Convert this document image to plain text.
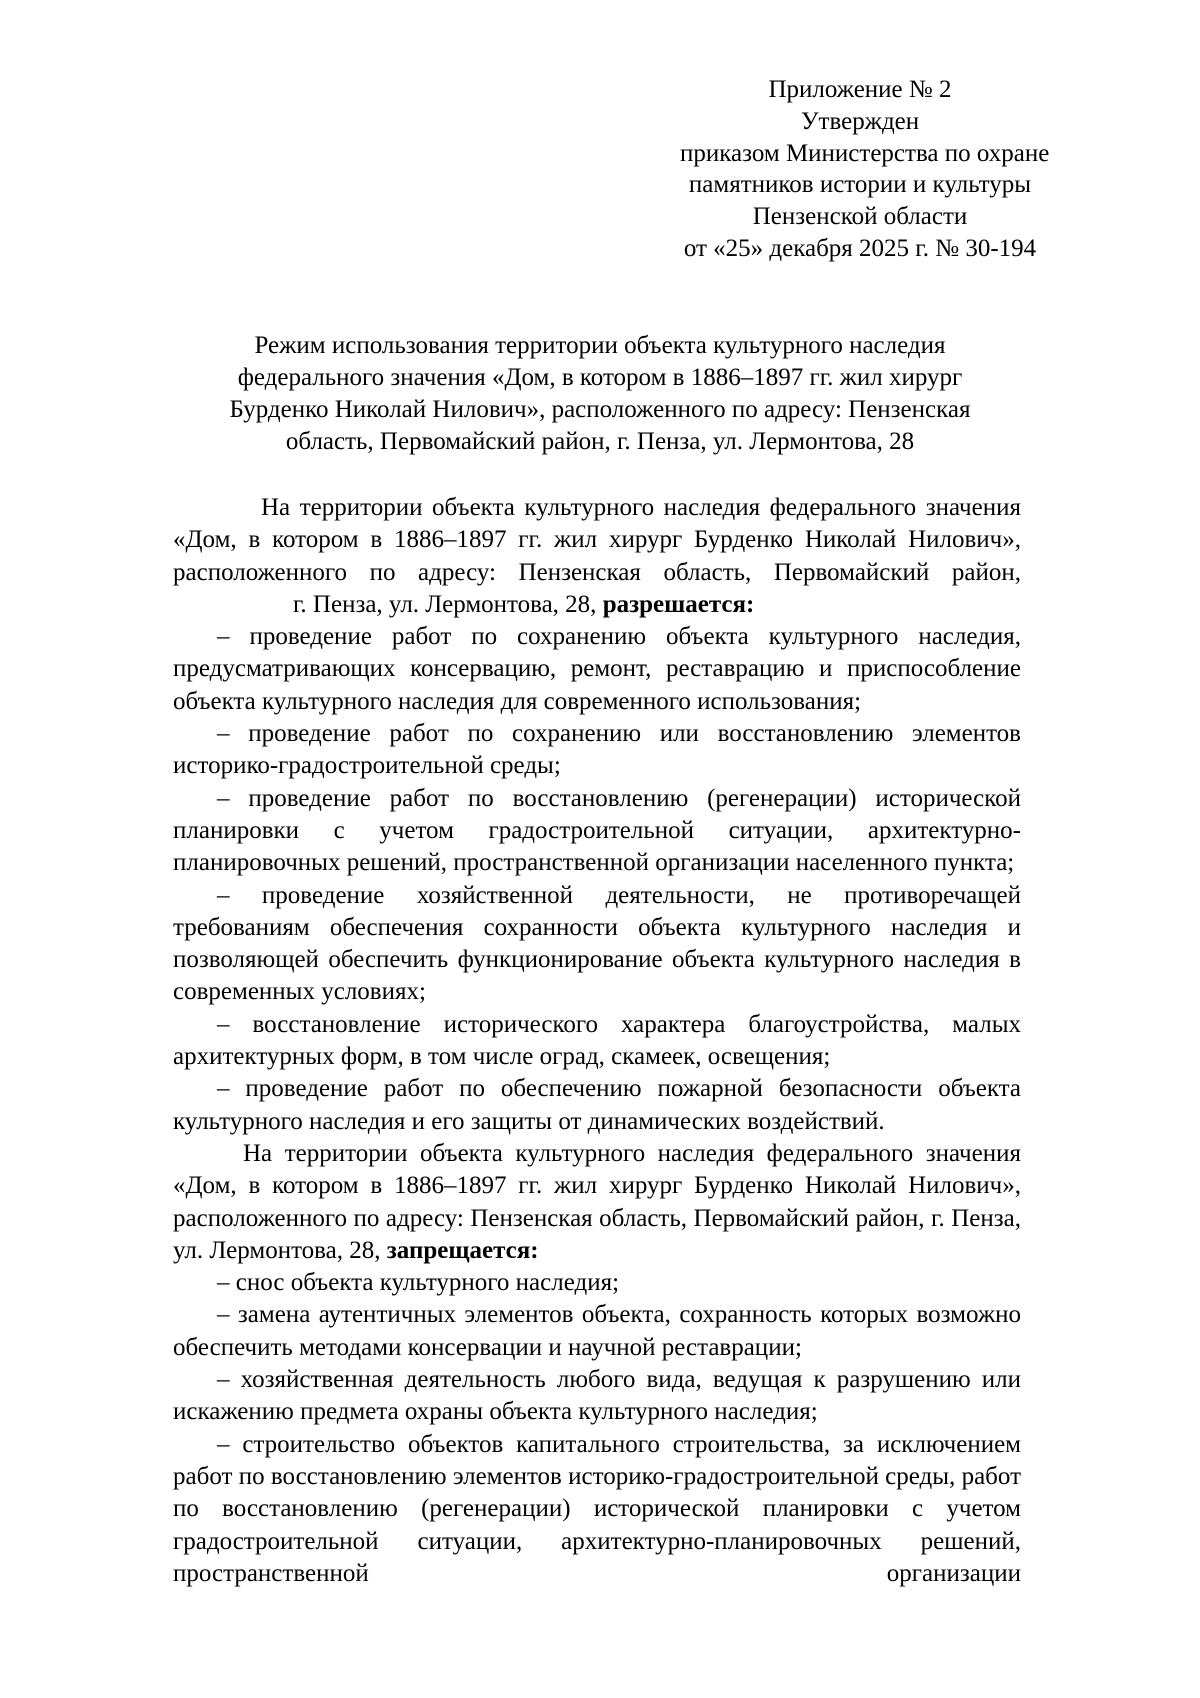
Приложение № 2
Утвержден
приказом Министерства по охране
памятников истории и культуры
Пензенской области
от «25» декабря 2025 г. № 30-194
Режим использования территории объекта культурного наследия
федерального значения «Дом, в котором в 1886–1897 гг. жил хирург
Бурденко Николай Нилович», расположенного по адресу: Пензенская
область, Первомайский район, г. Пенза, ул. Лермонтова, 28

На территории объекта культурного наследия федерального значения «Дом, в котором в 1886–1897 гг. жил хирург Бурденко Николай Нилович», расположенного по адресу: Пензенская область, Первомайский район,г. Пенза, ул. Лермонтова, 28, разрешается:

– проведение работ по сохранению объекта культурного наследия, предусматривающих консервацию, ремонт, реставрацию и приспособление объекта культурного наследия для современного использования;

– проведение работ по сохранению или восстановлению элементов историко-градостроительной среды;

– проведение работ по восстановлению (регенерации) исторической планировки с учетом градостроительной ситуации, архитектурно-планировочных решений, пространственной организации населенного пункта;

– проведение хозяйственной деятельности, не противоречащей требованиям обеспечения сохранности объекта культурного наследия и позволяющей обеспечить функционирование объекта культурного наследия в современных условиях;

– восстановление исторического характера благоустройства, малых архитектурных форм, в том числе оград, скамеек, освещения;

– проведение работ по обеспечению пожарной безопасности объекта культурного наследия и его защиты от динамических воздействий.

На территории объекта культурного наследия федерального значения «Дом, в котором в 1886–1897 гг. жил хирург Бурденко Николай Нилович», расположенного по адресу: Пензенская область, Первомайский район, г. Пенза, ул. Лермонтова, 28, запрещается:

– снос объекта культурного наследия;

– замена аутентичных элементов объекта, сохранность которых возможно обеспечить методами консервации и научной реставрации;

– хозяйственная деятельность любого вида, ведущая к разрушению или искажению предмета охраны объекта культурного наследия;

– строительство объектов капитального строительства, за исключением работ по восстановлению элементов историко-градостроительной среды, работ по восстановлению (регенерации) исторической планировки с учетом градостроительной ситуации, архитектурно-планировочных решений, пространственной организации
